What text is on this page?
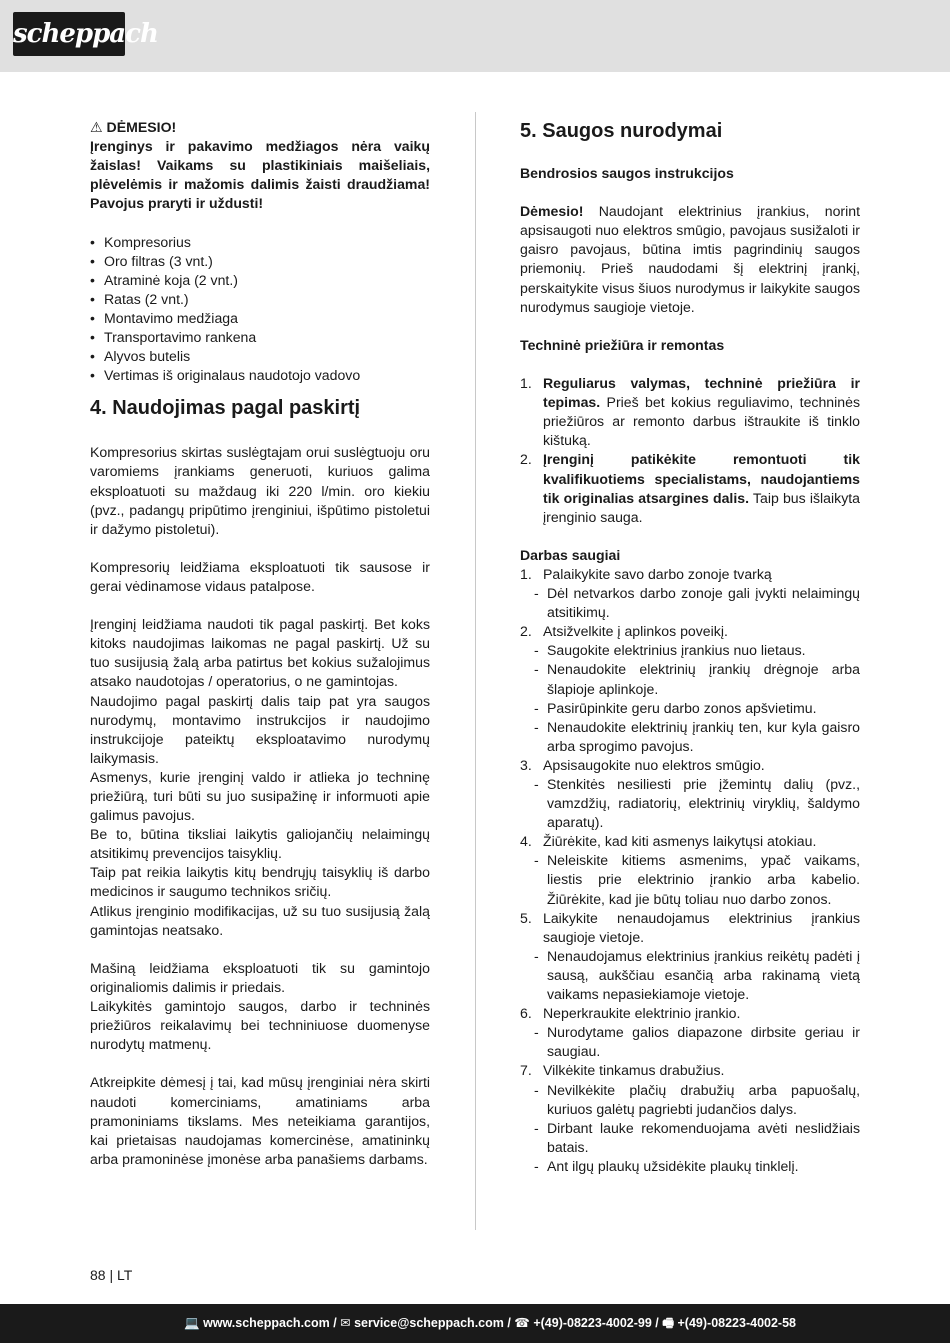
scheppach
⚠ DĖMESIO!

Įrenginys ir pakavimo medžiagos nėra vaikų žaislas! Vaikams su plastikiniais maišeliais, plėvelėmis ir mažomis dalimis žaisti draudžiama! Pavojus praryti ir uždusti!

• Kompresorius
• Oro filtras (3 vnt.)
• Atraminė koja (2 vnt.)
• Ratas (2 vnt.)
• Montavimo medžiaga
• Transportavimo rankena
• Alyvos butelis
• Vertimas iš originalaus naudotojo vadovo
4. Naudojimas pagal paskirtį

Kompresorius skirtas suslėgtajam orui suslėgtuoju oru varomiems įrankiams generuoti, kuriuos galima eksploatuoti su maždaug iki 220 l/min. oro kiekiu (pvz., padangų pripūtimo įrenginiui, išpūtimo pistoletui ir dažymo pistoletui).

Kompresorių leidžiama eksploatuoti tik sausose ir gerai vėdinamose vidaus patalpose.

Įrenginį leidžiama naudoti tik pagal paskirtį. Bet koks kitoks naudojimas laikomas ne pagal paskirtį. Už su tuo susijusią žalą arba patirtus bet kokius sužalojimus atsako naudotojas / operatorius, o ne gamintojas.

Naudojimo pagal paskirtį dalis taip pat yra saugos nurodymų, montavimo instrukcijos ir naudojimo instrukcijoje pateiktų eksploatavimo nurodymų laikymasis.

Asmenys, kurie įrenginį valdo ir atlieka jo techninę priežiūrą, turi būti su juo susipažinę ir informuoti apie galimus pavojus.

Be to, būtina tiksliai laikytis galiojančių nelaimingų atsitikimų prevencijos taisyklių.

Taip pat reikia laikytis kitų bendrųjų taisyklių iš darbo medicinos ir saugumo technikos sričių.

Atlikus įrenginio modifikacijas, už su tuo susijusią žalą gamintojas neatsako.

Mašiną leidžiama eksploatuoti tik su gamintojo originaliomis dalimis ir priedais.

Laikykitės gamintojo saugos, darbo ir techninės priežiūros reikalavimų bei techniniuose duomenyse nurodytų matmenų.

Atkreipkite dėmesį į tai, kad mūsų įrenginiai nėra skirti naudoti komerciniams, amatiniams arba pramoniniams tikslams. Mes neteikiama garantijos, kai prietaisas naudojamas komercinėse, amatininkų arba pramoninėse įmonėse arba panašiems darbams.

5. Saugos nurodymai
Bendrosios saugos instrukcijos

Dėmesio! Naudojant elektrinius įrankius, norint apsisaugoti nuo elektros smūgio, pavojaus susižaloti ir gaisro pavojaus, būtina imtis pagrindinių saugos priemonių. Prieš naudodami šį elektrinį įrankį, perskaitykite visus šiuos nurodymus ir laikykite saugos nurodymus saugioje vietoje.

Techninė priežiūra ir remontas
1. Reguliarus valymas, techninė priežiūra ir tepimas. Prieš bet kokius reguliavimo, techninės priežiūros ar remonto darbus ištraukite iš tinklo kištuką.
2. Įrenginį patikėkite remontuoti tik kvalifikuotiems specialistams, naudojantiems tik originalias atsargines dalis. Taip bus išlaikyta įrenginio sauga.
Darbas saugiai
1. Palaikykite savo darbo zonoje tvarką
- Dėl netvarkos darbo zonoje gali įvykti nelaimingų atsitikimų.
2. Atsižvelkite į aplinkos poveikį.
- Saugokite elektrinius įrankius nuo lietaus.
- Nenaudokite elektrinių įrankių drėgnoje arba šlapioje aplinkoje.
- Pasirūpinkite geru darbo zonos apšvietimu.
- Nenaudokite elektrinių įrankių ten, kur kyla gaisro arba sprogimo pavojus.
3. Apsisaugokite nuo elektros smūgio.
- Stenkitės nesiliesti prie įžemintų dalių (pvz., vamzdžių, radiatorių, elektrinių viryklių, šaldymo aparatų).
4. Žiūrėkite, kad kiti asmenys laikytųsi atokiau.
- Neleiskite kitiems asmenims, ypač vaikams, liestis prie elektrinio įrankio arba kabelio. Žiūrėkite, kad jie būtų toliau nuo darbo zonos.
5. Laikykite nenaudojamus elektrinius įrankius saugioje vietoje.
- Nenaudojamus elektrinius įrankius reikėtų padėti į sausą, aukščiau esančią arba rakinamą vietą vaikams nepasiekiamoje vietoje.
6. Neperkraukite elektrinio įrankio.
- Nurodytame galios diapazone dirbsite geriau ir saugiau.
7. Vilkėkite tinkamus drabužius.
- Nevilkėkite plačių drabužių arba papuošalų, kuriuos galėtų pagriebti judančios dalys.
- Dirbant lauke rekomenduojama avėti neslidžiais batais.
- Ant ilgų plaukų užsidėkite plaukų tinklelį.
88 | LT
💻 www.scheppach.com / ✉ service@scheppach.com / ☎ +(49)-08223-4002-99 / 🖷 +(49)-08223-4002-58
